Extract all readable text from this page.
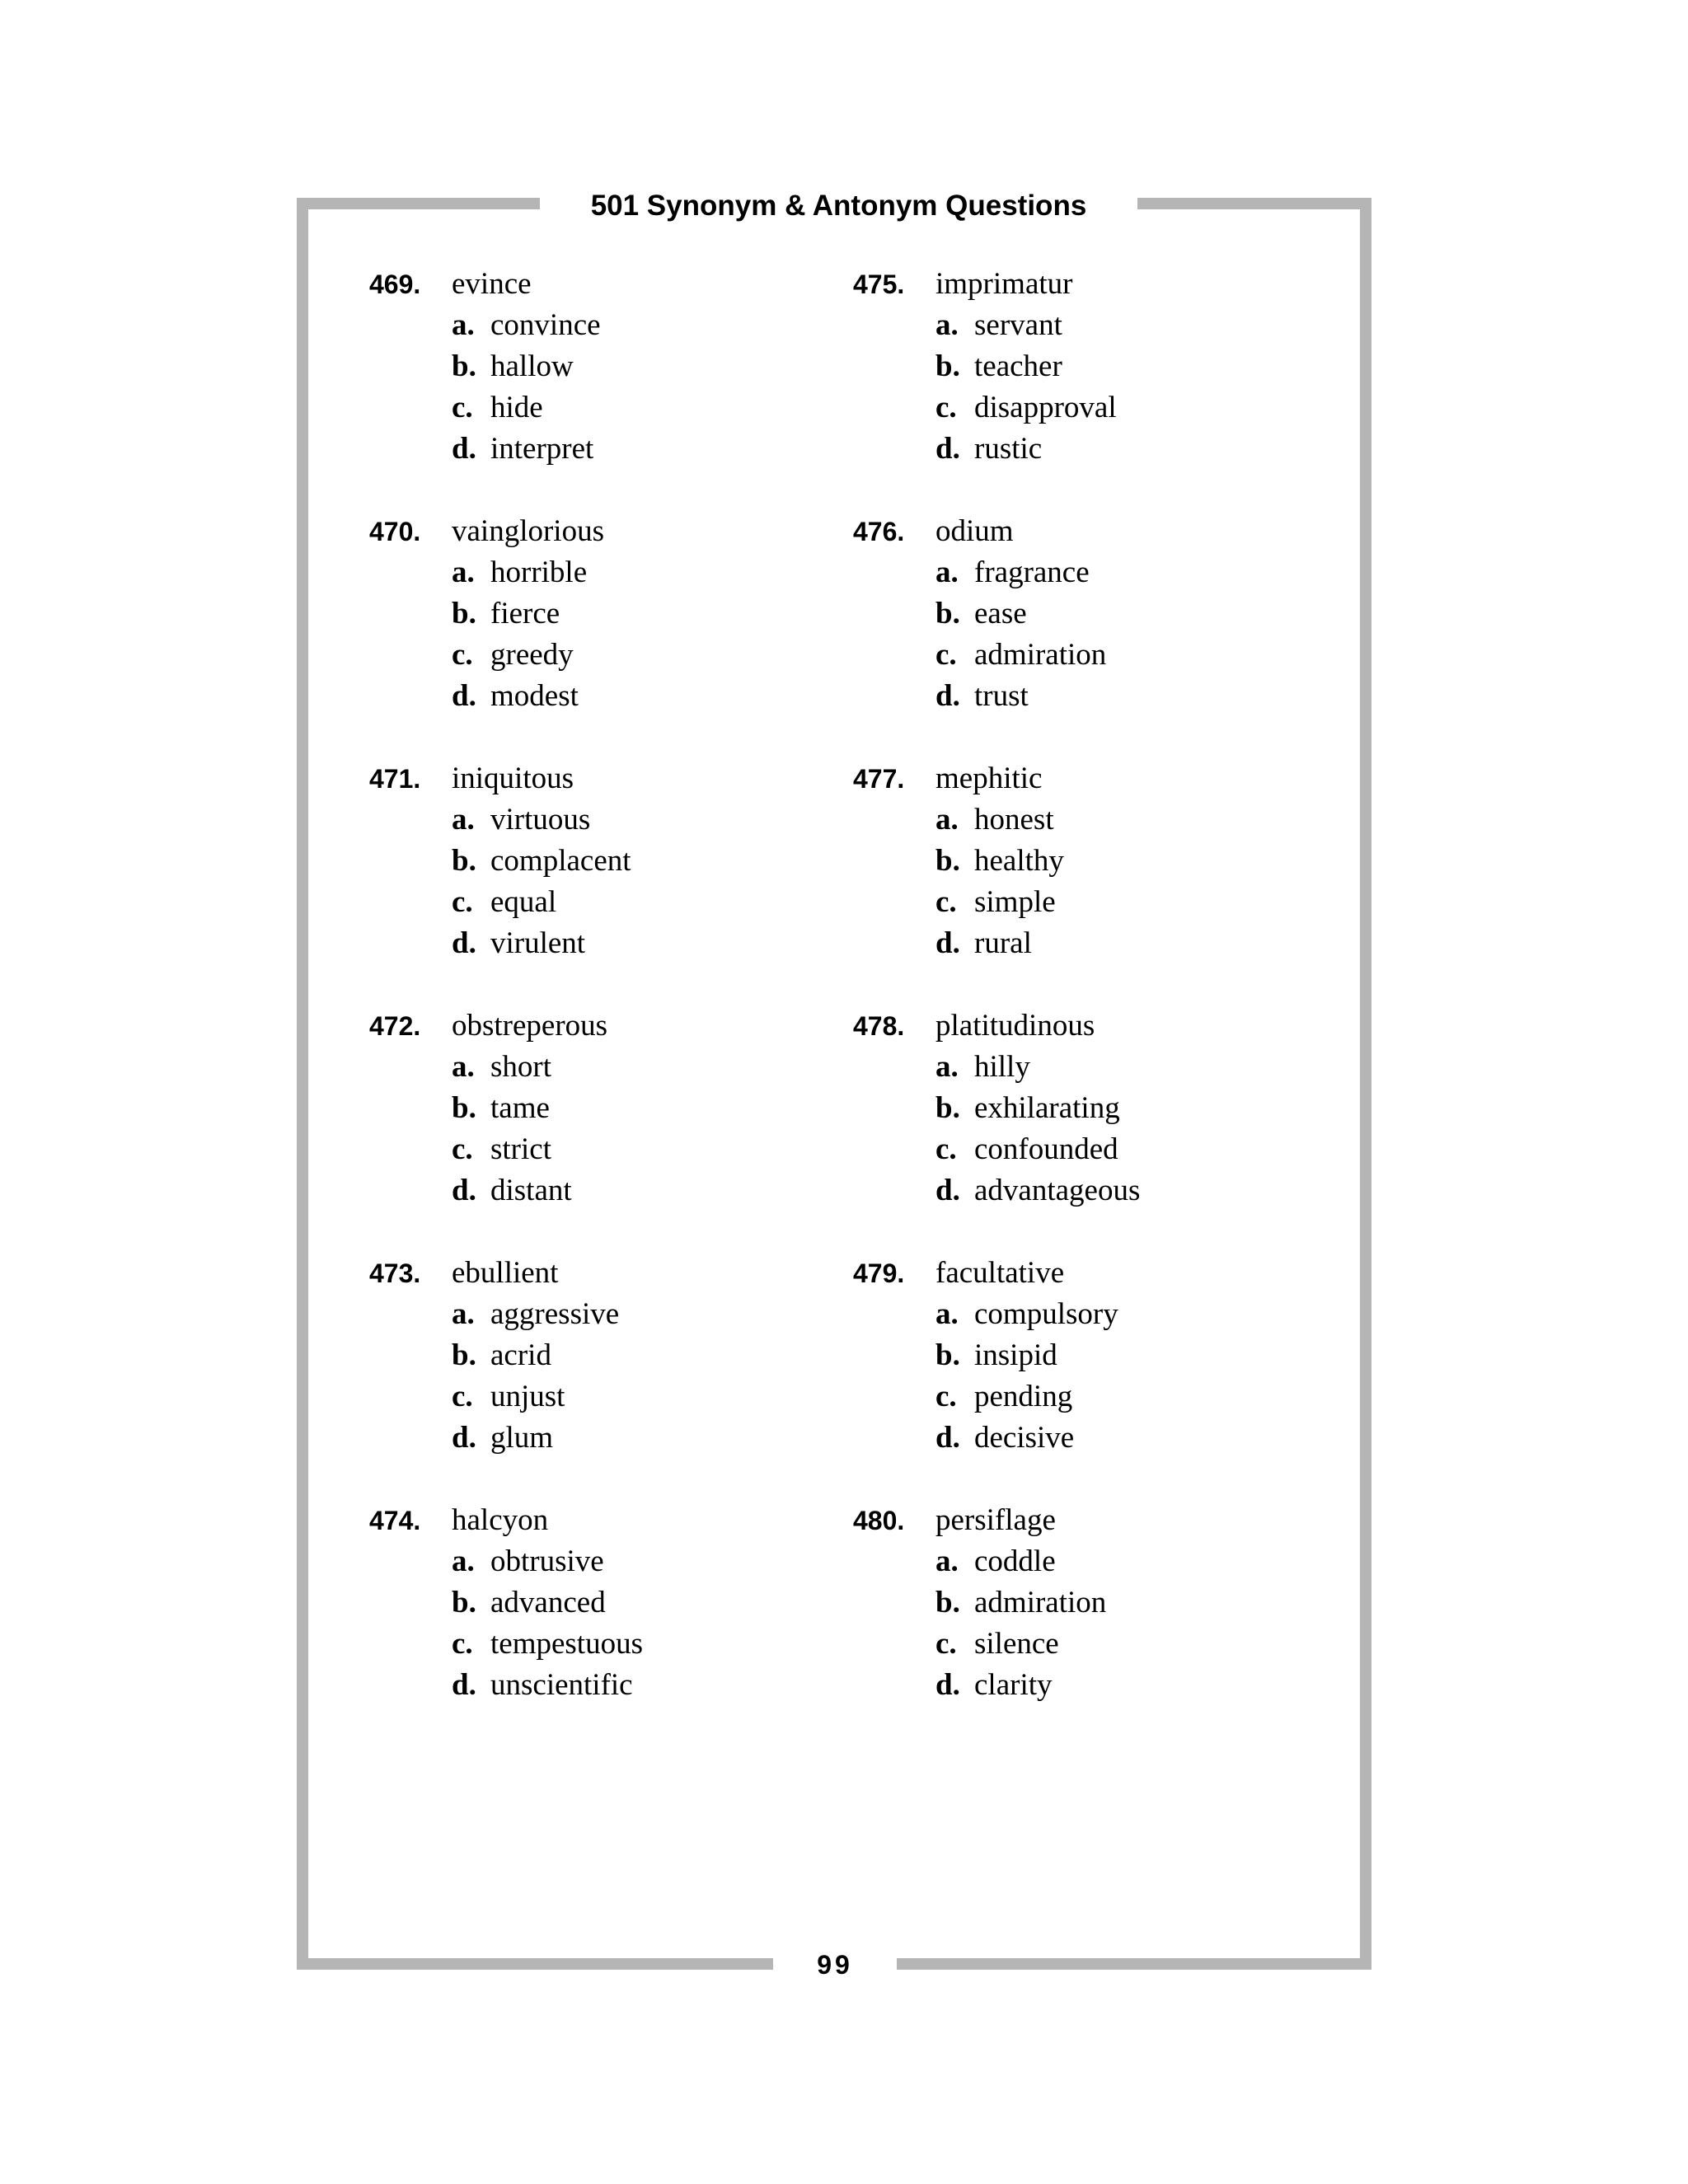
501 Synonym & Antonym Questions
469. evince
a. convince
b. hallow
c. hide
d. interpret
470. vainglorious
a. horrible
b. fierce
c. greedy
d. modest
471. iniquitous
a. virtuous
b. complacent
c. equal
d. virulent
472. obstreperous
a. short
b. tame
c. strict
d. distant
473. ebullient
a. aggressive
b. acrid
c. unjust
d. glum
474. halcyon
a. obtrusive
b. advanced
c. tempestuous
d. unscientific
475. imprimatur
a. servant
b. teacher
c. disapproval
d. rustic
476. odium
a. fragrance
b. ease
c. admiration
d. trust
477. mephitic
a. honest
b. healthy
c. simple
d. rural
478. platitudinous
a. hilly
b. exhilarating
c. confounded
d. advantageous
479. facultative
a. compulsory
b. insipid
c. pending
d. decisive
480. persiflage
a. coddle
b. admiration
c. silence
d. clarity
99
